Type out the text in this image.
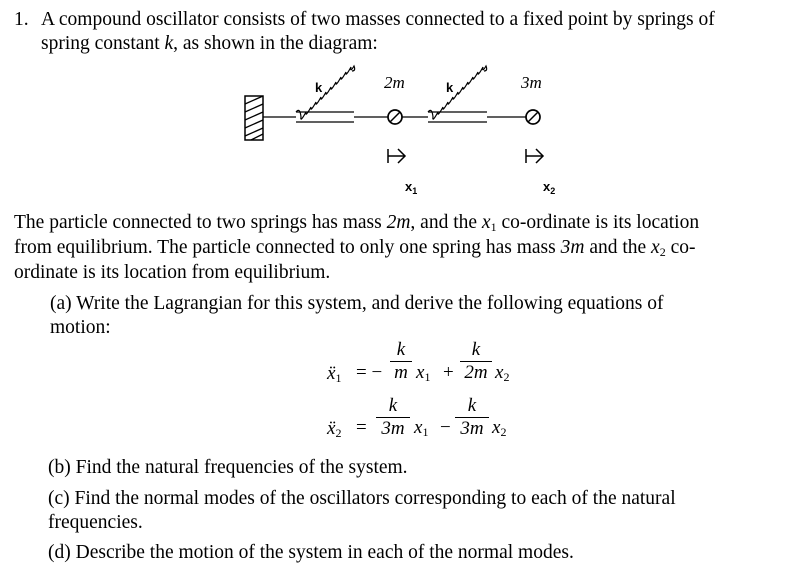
1. A compound oscillator consists of two masses connected to a fixed point by springs of
spring constant k, as shown in the diagram:
k	2m	k	3m
$x_1$	$x_2$
The particle connected to two springs has mass 2m, and the $x_1$ co-ordinate is its location
from equilibrium. The particle connected to only one spring has mass 3m and the $x_2$ co-
ordinate is its location from equilibrium.
(a) Write the Lagrangian for this system, and derive the following equations of
motion:
ẍ$_1$ = −
k
m $x_1$ +
k
2m $x_2$
ẍ$_2$ =
k
3m $x_1$ −
k
3m $x_2$
(b) Find the natural frequencies of the system.
(c) Find the normal modes of the oscillators corresponding to each of the natural
frequencies.
(d) Describe the motion of the system in each of the normal modes.
